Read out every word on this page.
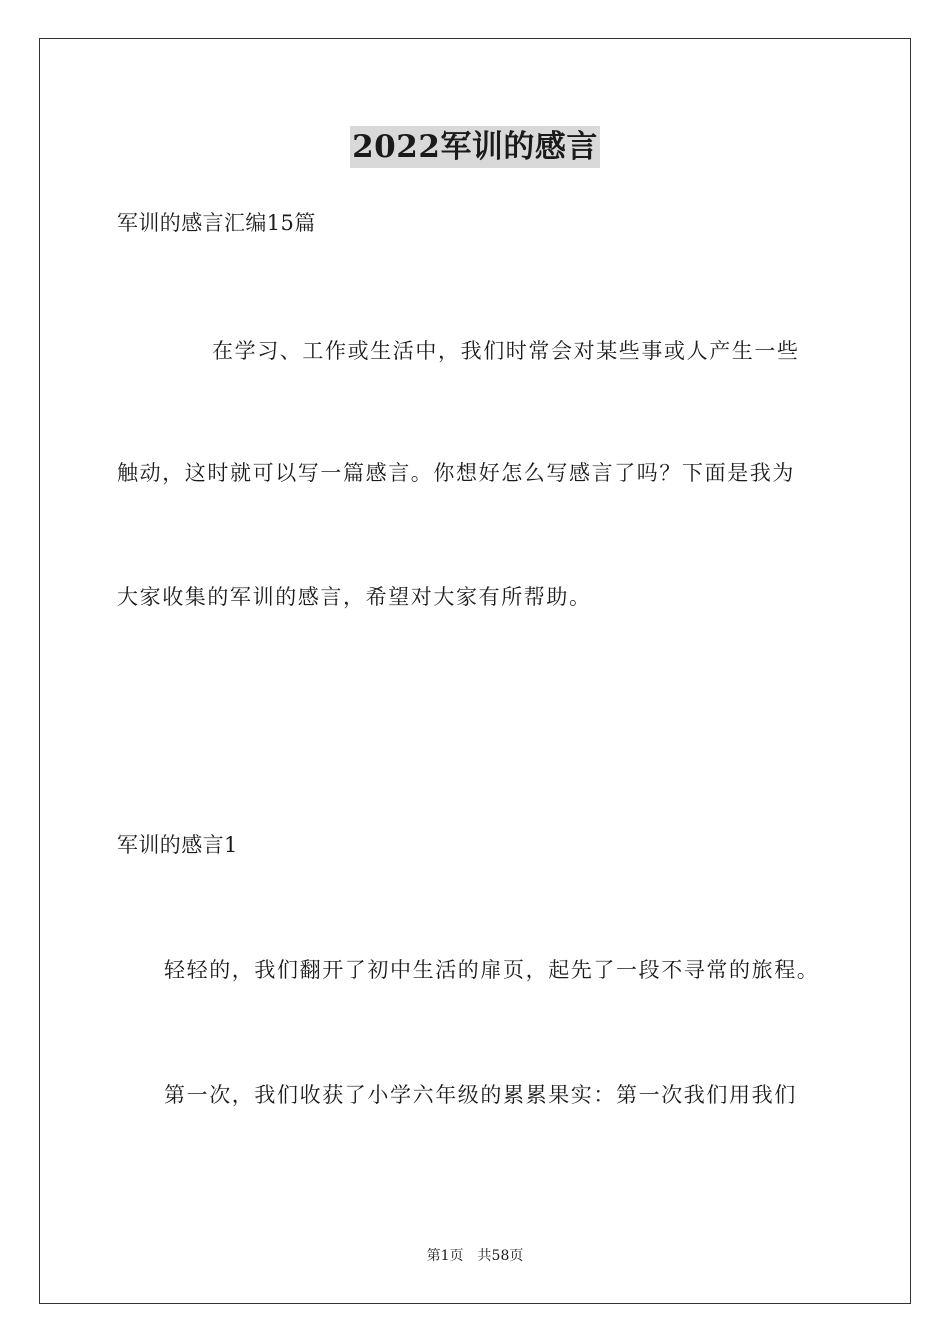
2022军训的感言
军训的感言汇编15篇
在学习、工作或生活中，我们时常会对某些事或人产生一些
触动，这时就可以写一篇感言。你想好怎么写感言了吗？下面是我为
大家收集的军训的感言，希望对大家有所帮助。
军训的感言1
轻轻的，我们翻开了初中生活的扉页，起先了一段不寻常的旅程。
第一次，我们收获了小学六年级的累累果实：第一次我们用我们
第1页 共58页
